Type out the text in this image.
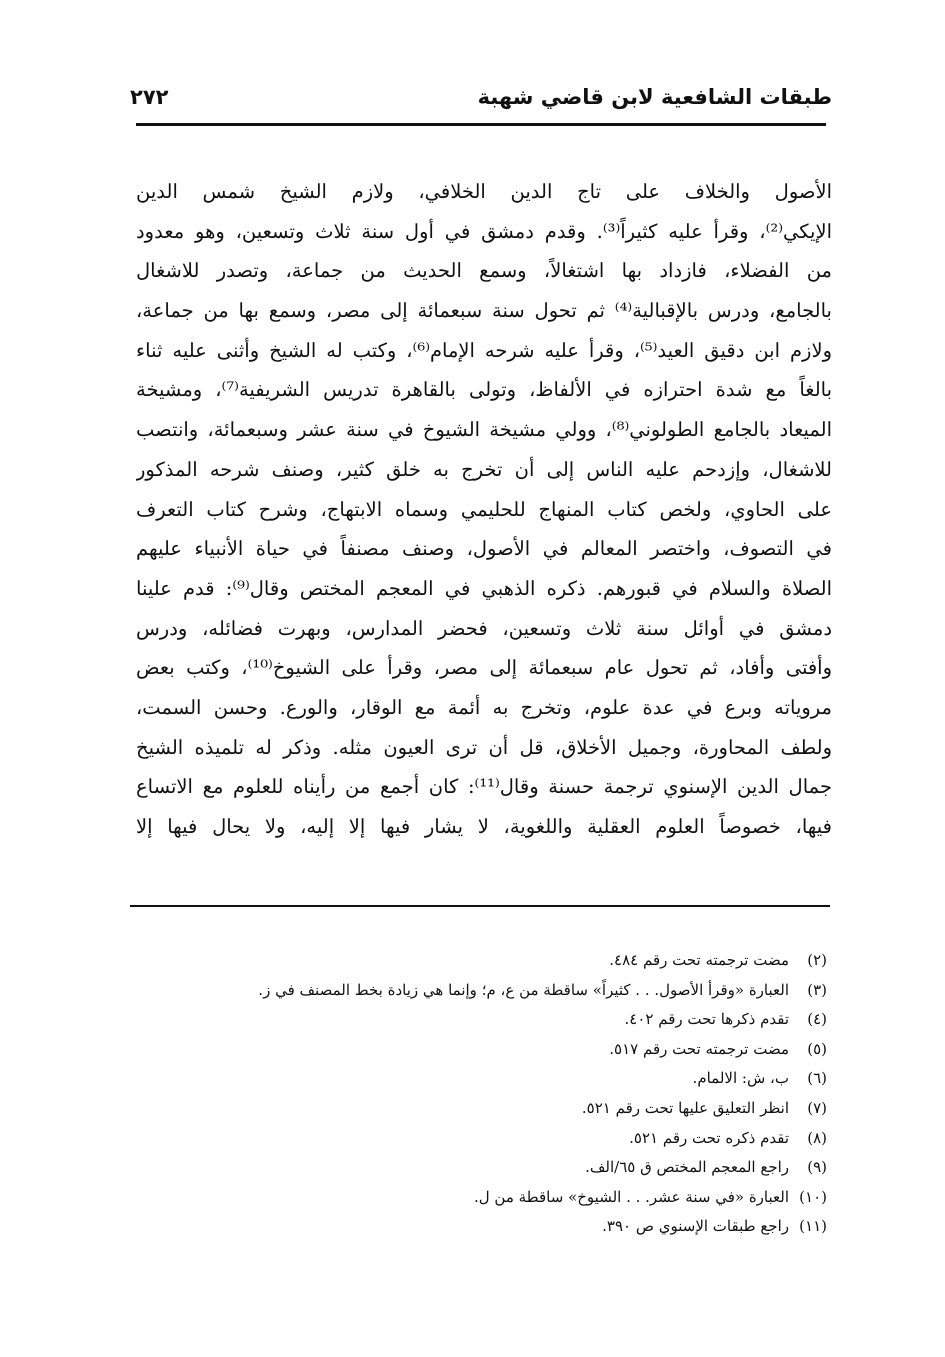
طبقات الشافعية لابن قاضي شهبة
٢٧٢
الأصول والخلاف على تاج الدين الخلافي، ولازم الشيخ شمس الدين
الإيكي⁽²⁾، وقرأ عليه كثيراً⁽³⁾. وقدم دمشق في أول سنة ثلاث وتسعين، وهو معدود
من الفضلاء، فازداد بها اشتغالاً، وسمع الحديث من جماعة، وتصدر للاشغال
بالجامع، ودرس بالإقبالية⁽⁴⁾ ثم تحول سنة سبعمائة إلى مصر، وسمع بها من جماعة،
ولازم ابن دقيق العيد⁽⁵⁾، وقرأ عليه شرحه الإمام⁽⁶⁾، وكتب له الشيخ وأثنى عليه ثناء
بالغاً مع شدة احترازه في الألفاظ، وتولى بالقاهرة تدريس الشريفية⁽⁷⁾، ومشيخة
الميعاد بالجامع الطولوني⁽⁸⁾، وولي مشيخة الشيوخ في سنة عشر وسبعمائة، وانتصب
للاشغال، وإزدحم عليه الناس إلى أن تخرج به خلق كثير، وصنف شرحه المذكور
على الحاوي، ولخص كتاب المنهاج للحليمي وسماه الابتهاج، وشرح كتاب التعرف
في التصوف، واختصر المعالم في الأصول، وصنف مصنفاً في حياة الأنبياء عليهم
الصلاة والسلام في قبورهم. ذكره الذهبي في المعجم المختص وقال⁽⁹⁾: قدم علينا
دمشق في أوائل سنة ثلاث وتسعين، فحضر المدارس، وبهرت فضائله، ودرس
وأفتى وأفاد، ثم تحول عام سبعمائة إلى مصر، وقرأ على الشيوخ⁽¹⁰⁾، وكتب بعض
مروياته وبرع في عدة علوم، وتخرج به أئمة مع الوقار، والورع. وحسن السمت،
ولطف المحاورة، وجميل الأخلاق، قل أن ترى العيون مثله. وذكر له تلميذه الشيخ
جمال الدين الإسنوي ترجمة حسنة وقال⁽¹¹⁾: كان أجمع من رأيناه للعلوم مع الاتساع
فيها، خصوصاً العلوم العقلية واللغوية، لا يشار فيها إلا إليه، ولا يحال فيها إلا
(٢)مضت ترجمته تحت رقم ٤٨٤.
(٣)العبارة «وقرأ الأصول. . . كثيراً» ساقطة من ع، م؛ وإنما هي زيادة بخط المصنف في ز.
(٤)تقدم ذكرها تحت رقم ٤٠٢.
(٥)مضت ترجمته تحت رقم ٥١٧.
(٦)ب، ش: الالمام.
(٧)انظر التعليق عليها تحت رقم ٥٢١.
(٨)تقدم ذكره تحت رقم ٥٢١.
(٩)راجع المعجم المختص ق ٦٥/الف.
(١٠)العبارة «في سنة عشر. . . الشيوخ» ساقطة من ل.
(١١)راجع طبقات الإسنوي ص ٣٩٠.
